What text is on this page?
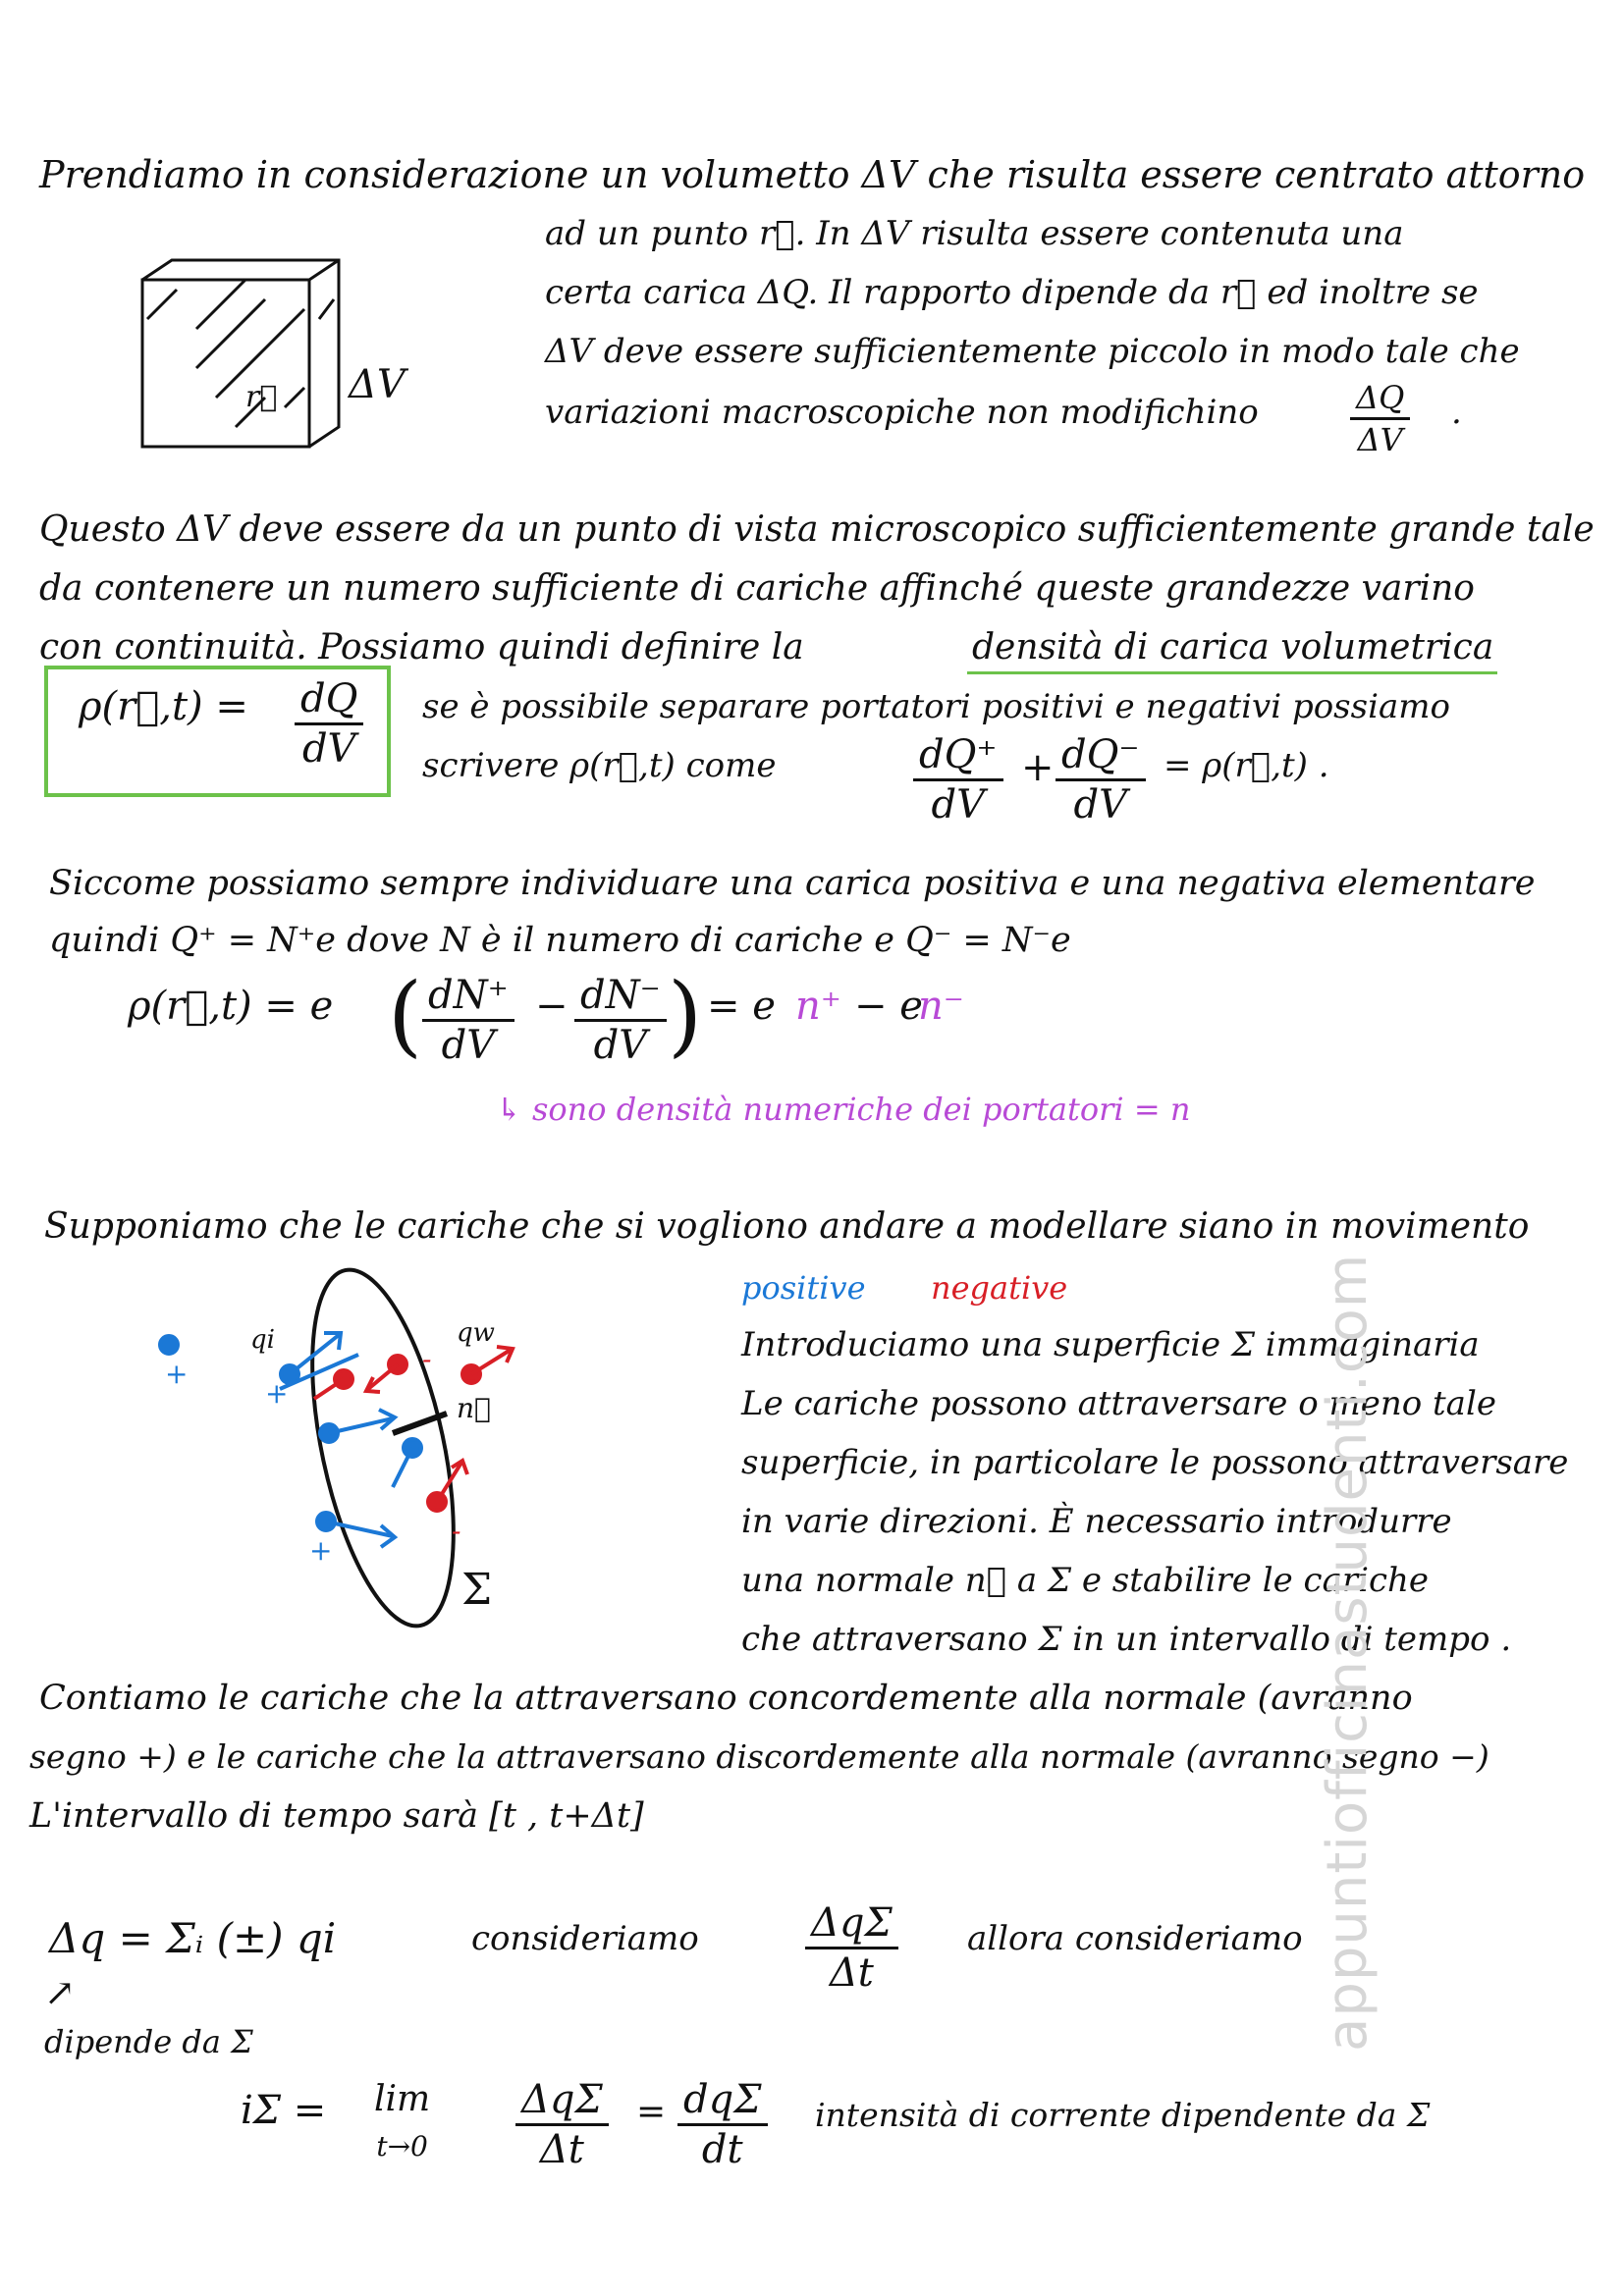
Prendiamo in considerazione un volumetto ΔV che risulta essere centrato attorno
ad un punto r⃗. In ΔV risulta essere contenuta una
certa carica ΔQ. Il rapporto dipende da r⃗ ed inoltre se
ΔV deve essere sufficientemente piccolo in modo tale che
variazioni macroscopiche non modifichino	$\frac{\Delta Q}{\Delta V}$ .
r⃗ ΔV
Questo ΔV deve essere da un punto di vista microscopico sufficientemente grande tale
da contenere un numero sufficiente di cariche affinché queste grandezze varino
con continuità. Possiamo quindi definire la	densità di carica volumetrica
ρ(r⃗,t) = $\frac{dQ}{dV}$ se è possibile separare portatori positivi e negativi possiamo
scrivere ρ(r⃗,t) come	$\frac{dQ^+}{dV} + \frac{dQ^-}{dV}$ = ρ(r⃗,t) .
Siccome possiamo sempre individuare una carica positiva e una negativa elementare
quindi Q⁺ = N⁺e dove N è il numero di cariche e Q⁻ = N⁻e
ρ(r⃗,t) = e ( $\frac{dN^+}{dV} - \frac{dN^-}{dV}$ ) = e n⁺ − e
n⁻
↳ sono densità numeriche dei portatori = n
Supponiamo che le cariche che si vogliono andare a modellare siano in movimento
positive negative
Introduciamo una superficie Σ immaginaria
Le cariche possono attraversare o meno tale
superficie, in particolare le possono attraversare
in varie direzioni. È necessario introdurre
una normale n⃗ a Σ e stabilire le cariche
che attraversano Σ in un intervallo di tempo .
qi	qw
n⃗
Σ
+
+
+
-
-
-
Contiamo le cariche che la attraversano concordemente alla normale (avranno
segno +) e le cariche che la attraversano discordemente alla normale (avranno segno −)
L'intervallo di tempo sarà [t , t+Δt]
Δq = Σᵢ (±) qi	consideriamo	ΔqΣ
Δt
allora consideriamo
↗
dipende da Σ
iΣ = lim
t→0
ΔqΣ
Δt
= dqΣ
dt
intensità di corrente dipendente da Σ
appuntiofficinastudenti.com
